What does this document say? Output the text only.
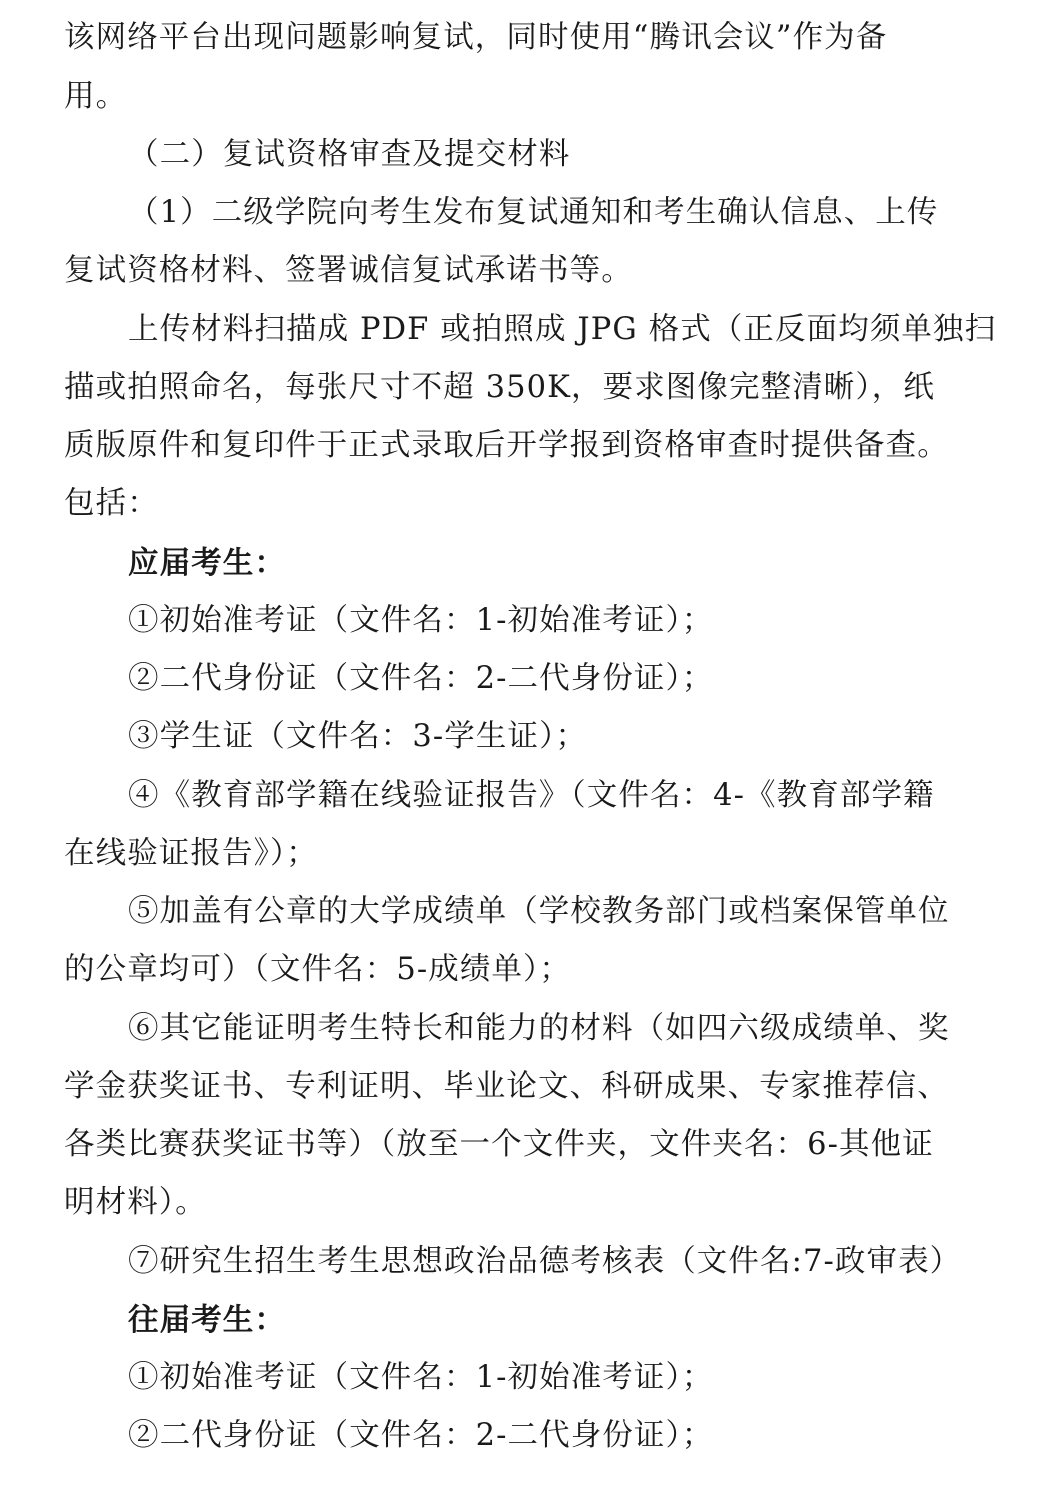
该网络平台出现问题影响复试，同时使用“腾讯会议”作为备
用。
（二）复试资格审查及提交材料
（1）二级学院向考生发布复试通知和考生确认信息、上传
复试资格材料、签署诚信复试承诺书等。
上传材料扫描成 PDF 或拍照成 JPG 格式（正反面均须单独扫
描或拍照命名，每张尺寸不超 350K，要求图像完整清晰），纸
质版原件和复印件于正式录取后开学报到资格审查时提供备查。
包括：
应届考生：
①初始准考证（文件名：1-初始准考证）；
②二代身份证（文件名：2-二代身份证）；
③学生证（文件名：3-学生证）；
④《教育部学籍在线验证报告》（文件名：4-《教育部学籍
在线验证报告》）；
⑤加盖有公章的大学成绩单（学校教务部门或档案保管单位
的公章均可）（文件名：5-成绩单）；
⑥其它能证明考生特长和能力的材料（如四六级成绩单、奖
学金获奖证书、专利证明、毕业论文、科研成果、专家推荐信、
各类比赛获奖证书等）（放至一个文件夹，文件夹名：6-其他证
明材料）。
⑦研究生招生考生思想政治品德考核表（文件名:7-政审表）
往届考生：
①初始准考证（文件名：1-初始准考证）；
②二代身份证（文件名：2-二代身份证）；
